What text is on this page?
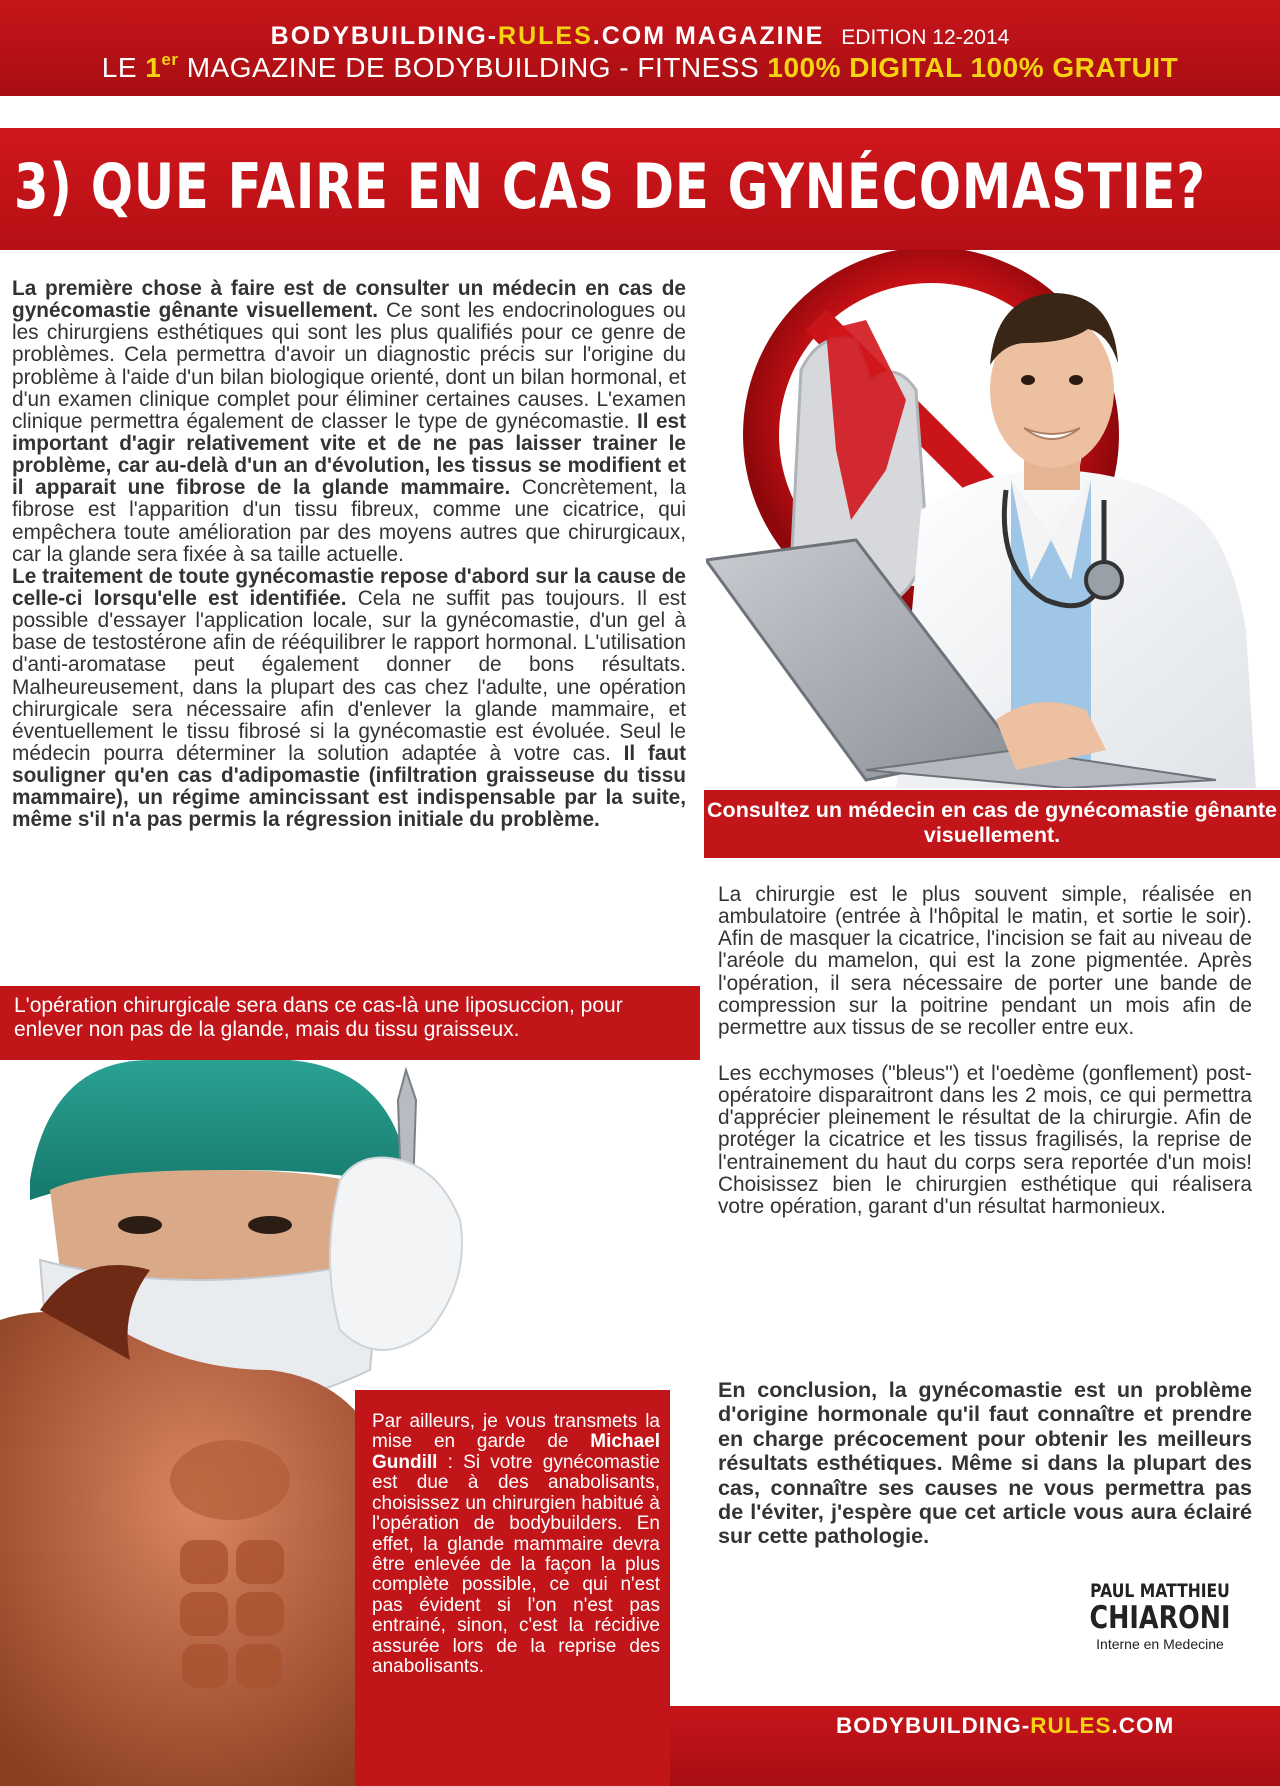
BODYBUILDING-RULES.COM MAGAZINE EDITION 12-2014
LE 1er MAGAZINE DE BODYBUILDING - FITNESS 100% DIGITAL 100% GRATUIT
3) QUE FAIRE EN CAS DE GYNÉCOMASTIE?
La première chose à faire est de consulter un médecin en cas de gynécomastie gênante visuellement. Ce sont les endocrinologues ou les chirurgiens esthétiques qui sont les plus qualifiés pour ce genre de problèmes. Cela permettra d'avoir un diagnostic précis sur l'origine du problème à l'aide d'un bilan biologique orienté, dont un bilan hormonal, et d'un examen clinique complet pour éliminer certaines causes. L'examen clinique permettra également de classer le type de gynécomastie. Il est important d'agir relativement vite et de ne pas laisser trainer le problème, car au-delà d'un an d'évolution, les tissus se modifient et il apparait une fibrose de la glande mammaire. Concrètement, la fibrose est l'apparition d'un tissu fibreux, comme une cicatrice, qui empêchera toute amélioration par des moyens autres que chirurgicaux, car la glande sera fixée à sa taille actuelle.
Le traitement de toute gynécomastie repose d'abord sur la cause de celle-ci lorsqu'elle est identifiée. Cela ne suffit pas toujours. Il est possible d'essayer l'application locale, sur la gynécomastie, d'un gel à base de testostérone afin de rééquilibrer le rapport hormonal. L'utilisation d'anti-aromatase peut également donner de bons résultats. Malheureusement, dans la plupart des cas chez l'adulte, une opération chirurgicale sera nécessaire afin d'enlever la glande mammaire, et éventuellement le tissu fibrosé si la gynécomastie est évoluée. Seul le médecin pourra déterminer la solution adaptée à votre cas. Il faut souligner qu'en cas d'adipomastie (infiltration graisseuse du tissu mammaire), un régime amincissant est indispensable par la suite, même s'il n'a pas permis la régression initiale du problème.
L'opération chirurgicale sera dans ce cas-là une liposuccion, pour enlever non pas de la glande, mais du tissu graisseux.
Consultez un médecin en cas de gynécomastie gênante visuellement.

La chirurgie est le plus souvent simple, réalisée en ambulatoire (entrée à l'hôpital le matin, et sortie le soir). Afin de masquer la cicatrice, l'incision se fait au niveau de l'aréole du mamelon, qui est la zone pigmentée. Après l'opération, il sera nécessaire de porter une bande de compression sur la poitrine pendant un mois afin de permettre aux tissus de se recoller entre eux.

Les ecchymoses ("bleus") et l'oedème (gonflement) post-opératoire disparaitront dans les 2 mois, ce qui permettra d'apprécier pleinement le résultat de la chirurgie. Afin de protéger la cicatrice et les tissus fragilisés, la reprise de l'entrainement du haut du corps sera reportée d'un mois! Choisissez bien le chirurgien esthétique qui réalisera votre opération, garant d'un résultat harmonieux.

En conclusion, la gynécomastie est un problème d'origine hormonale qu'il faut connaître et prendre en charge précocement pour obtenir les meilleurs résultats esthétiques. Même si dans la plupart des cas, connaître ses causes ne vous permettra pas de l'éviter, j'espère que cet article vous aura éclairé sur cette pathologie.
Par ailleurs, je vous transmets la mise en garde de Michael Gundill : Si votre gynécomastie est due à des anabolisants, choisissez un chirurgien habitué à l'opération de bodybuilders. En effet, la glande mammaire devra être enlevée de la façon la plus complète possible, ce qui n'est pas évident si l'on n'est pas entrainé, sinon, c'est la récidive assurée lors de la reprise des anabolisants.
PAUL MATTHIEU
CHIARONI
Interne en Medecine
BODYBUILDING-RULES.COM
